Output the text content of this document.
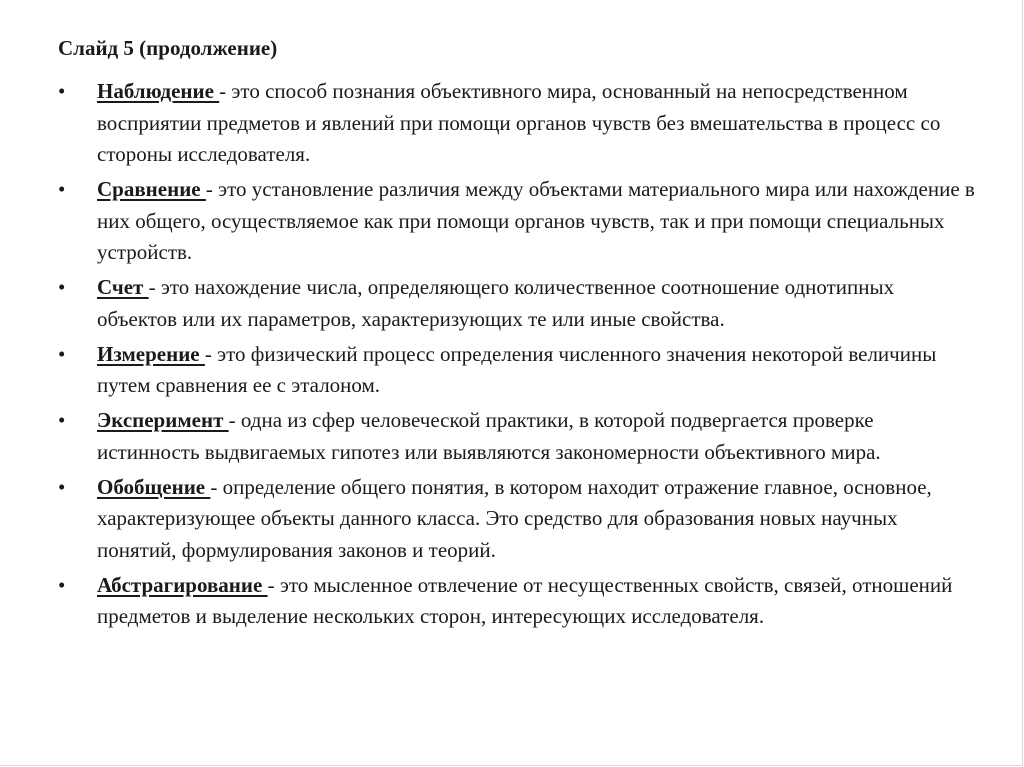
Слайд 5 (продолжение)
• Наблюдение - это способ познания объективного мира, основанный на непосредственном восприятии предметов и явлений при помощи органов чувств без вмешательства в процесс со стороны исследователя.
• Сравнение - это установление различия между объектами материального мира или нахождение в них общего, осуществляемое как при помощи органов чувств, так и при помощи специальных устройств.
• Счет - это нахождение числа, определяющего количественное соотношение однотипных объектов или их параметров, характеризующих те или иные свойства.
• Измерение - это физический процесс определения численного значения некоторой величины путем сравнения ее с эталоном.
• Эксперимент - одна из сфер человеческой практики, в которой подвергается проверке истинность выдвигаемых гипотез или выявляются закономерности объективного мира.
• Обобщение - определение общего понятия, в котором находит отражение главное, основное, характеризующее объекты данного класса. Это средство для образования новых научных понятий, формулирования законов и теорий.
• Абстрагирование - это мысленное отвлечение от несущественных свойств, связей, отношений предметов и выделение нескольких сторон, интересующих исследователя.
